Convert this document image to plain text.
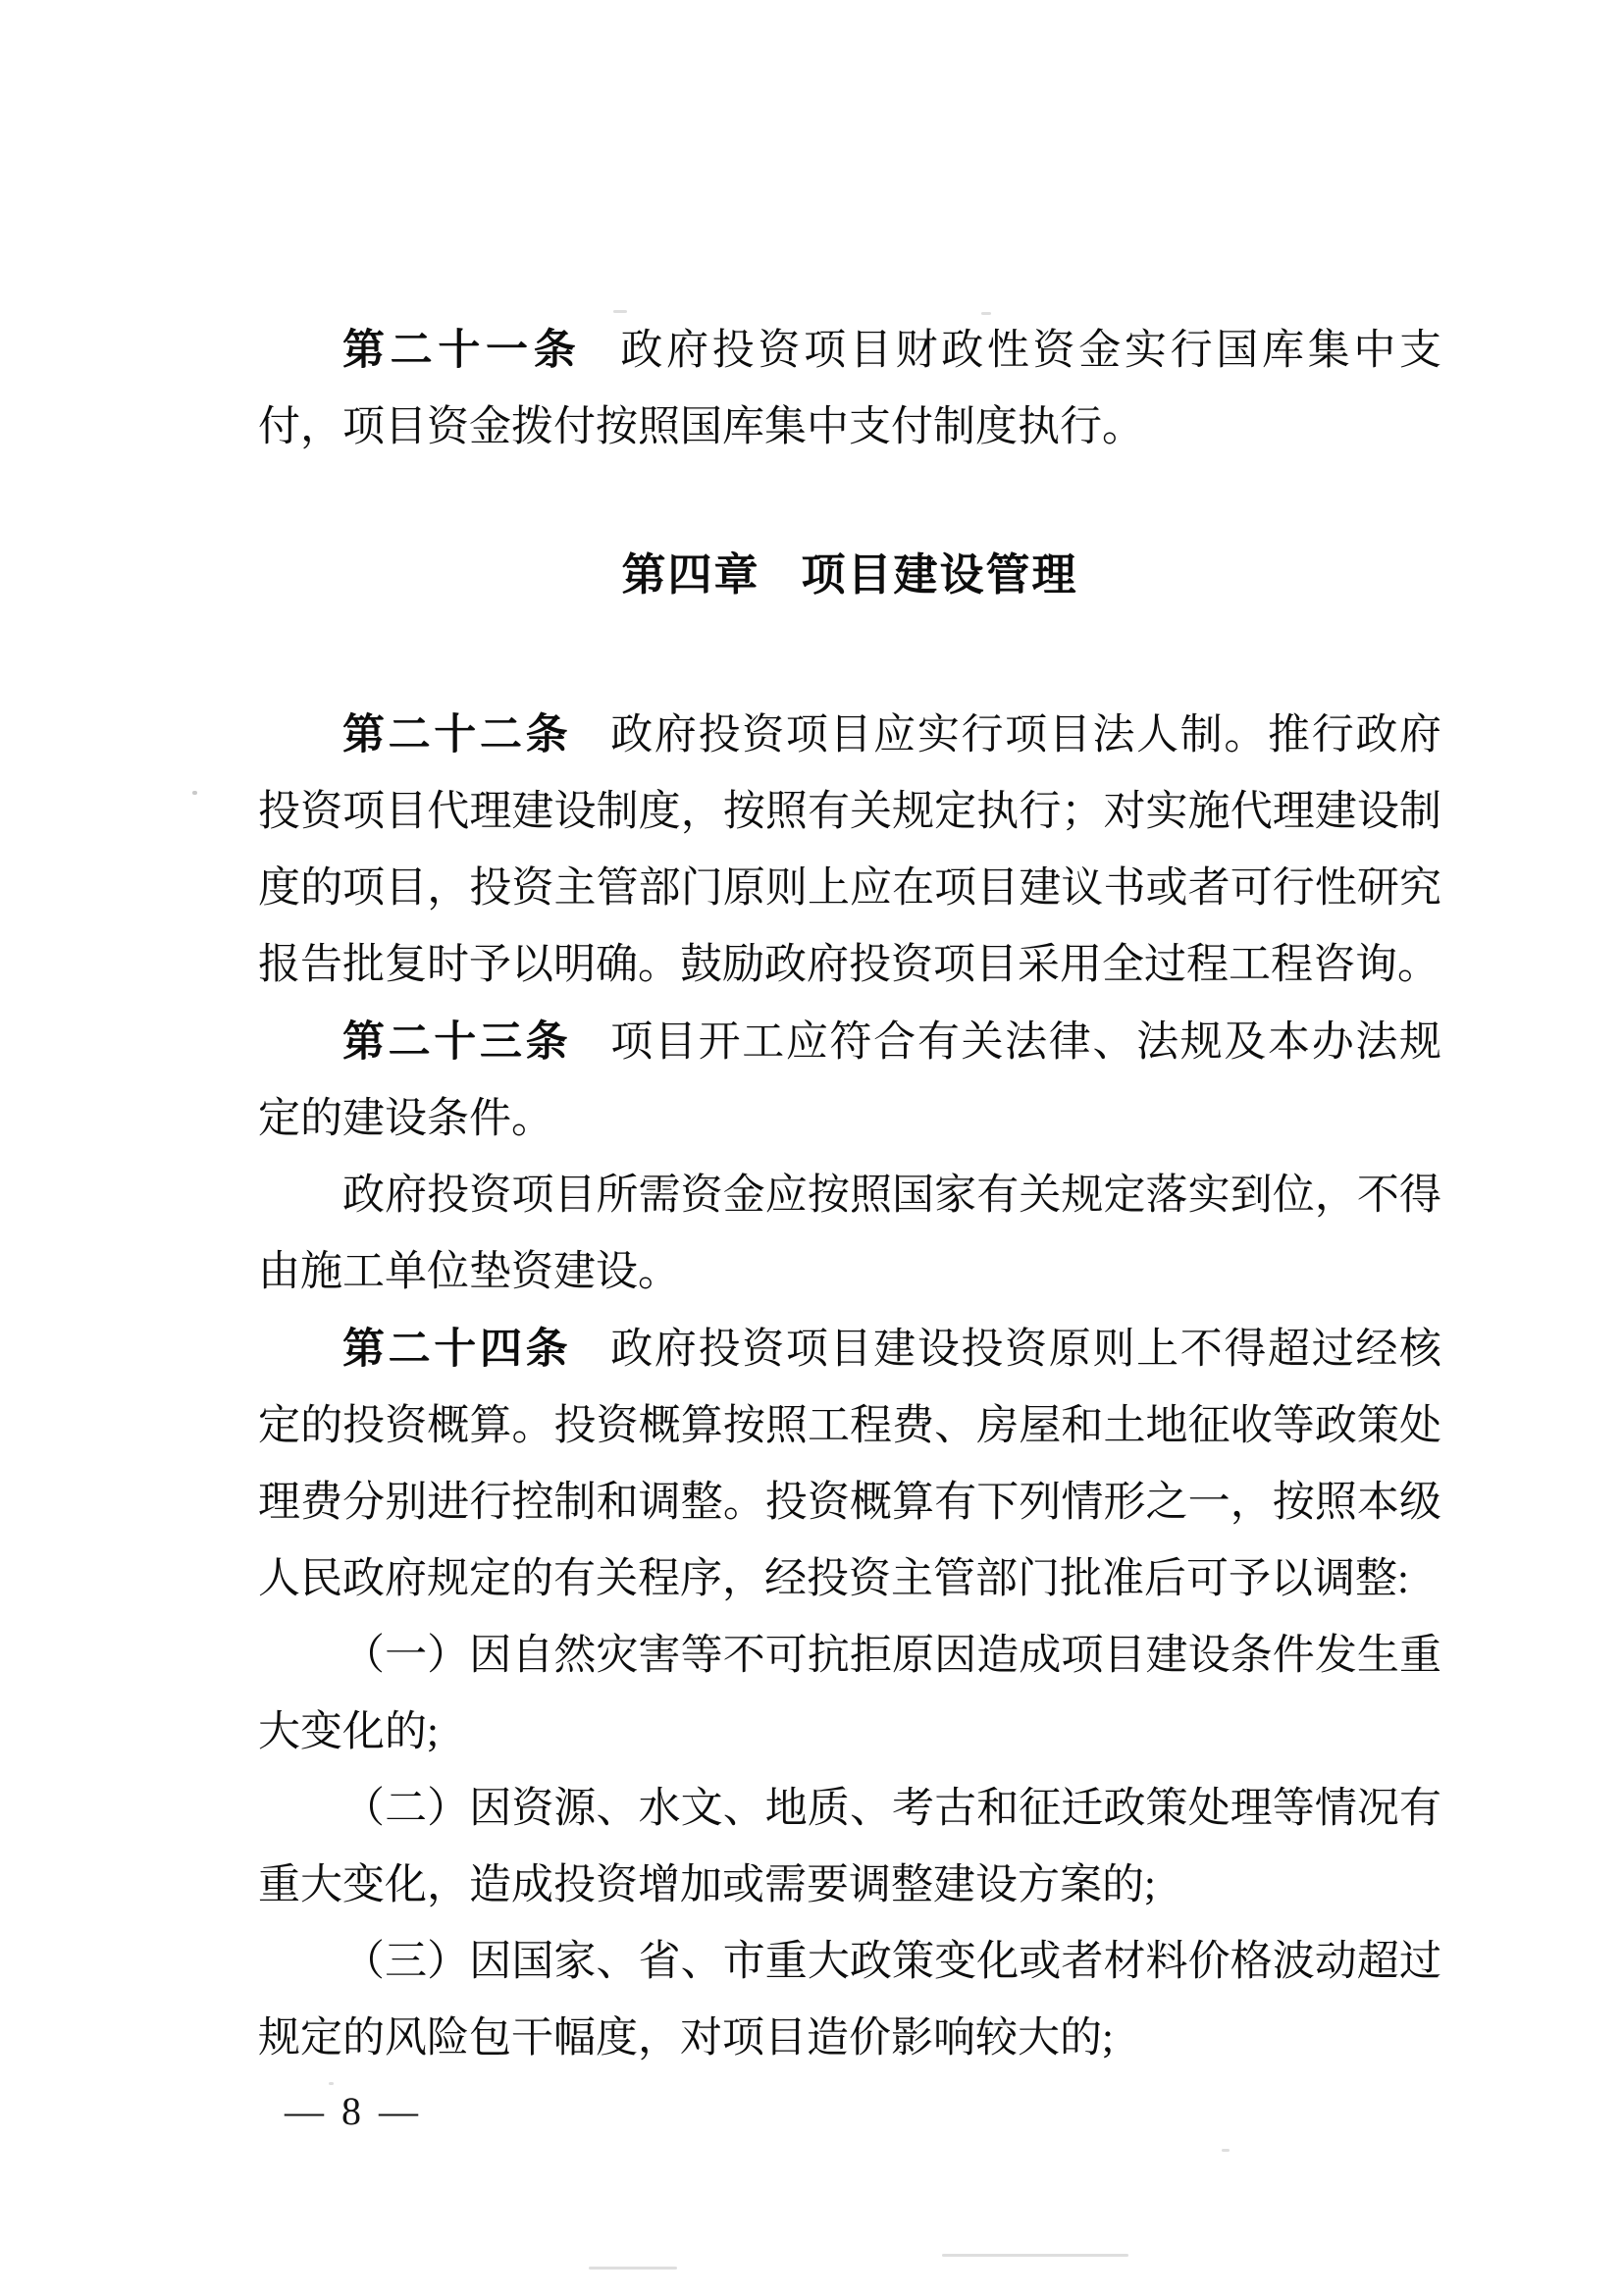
第二十一条 政府投资项目财政性资金实行国库集中支付，项目资金拨付按照国库集中支付制度执行。

第四章 项目建设管理

第二十二条 政府投资项目应实行项目法人制。推行政府投资项目代理建设制度，按照有关规定执行；对实施代理建设制度的项目，投资主管部门原则上应在项目建议书或者可行性研究报告批复时予以明确。鼓励政府投资项目采用全过程工程咨询。

第二十三条 项目开工应符合有关法律、法规及本办法规定的建设条件。

政府投资项目所需资金应按照国家有关规定落实到位，不得由施工单位垫资建设。

第二十四条 政府投资项目建设投资原则上不得超过经核定的投资概算。投资概算按照工程费、房屋和土地征收等政策处理费分别进行控制和调整。投资概算有下列情形之一，按照本级人民政府规定的有关程序，经投资主管部门批准后可予以调整:

（一）因自然灾害等不可抗拒原因造成项目建设条件发生重大变化的;

（二）因资源、水文、地质、考古和征迁政策处理等情况有重大变化，造成投资增加或需要调整建设方案的;

（三）因国家、省、市重大政策变化或者材料价格波动超过规定的风险包干幅度，对项目造价影响较大的;

— 8 —
